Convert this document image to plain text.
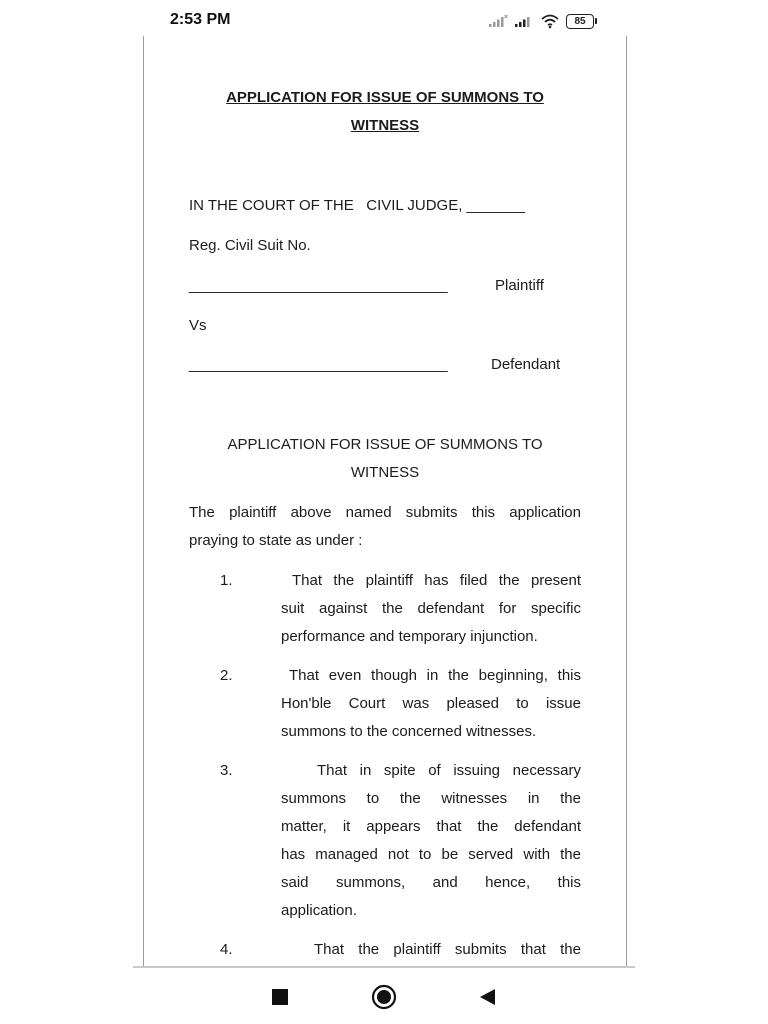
2:53 PM	85
APPLICATION FOR ISSUE OF SUMMONS TO
WITNESS
IN THE COURT OF THE   CIVIL JUDGE, _______
Reg. Civil Suit No.
_______________________________	Plaintiff
Vs
_______________________________	Defendant
APPLICATION FOR ISSUE OF SUMMONS TO
WITNESS
The plaintiff above named submits this application
praying to state as under :
1.	That the plaintiff has filed the present
suit against the defendant for specific
performance and temporary injunction.
2.	That even though in the beginning, this
Hon'ble Court was pleased to issue
summons to the concerned witnesses.
3.	That in spite of issuing necessary
summons to the witnesses in the
matter, it appears that the defendant
has managed not to be served with the
said summons, and hence, this
application.
4.	That the plaintiff submits that the
